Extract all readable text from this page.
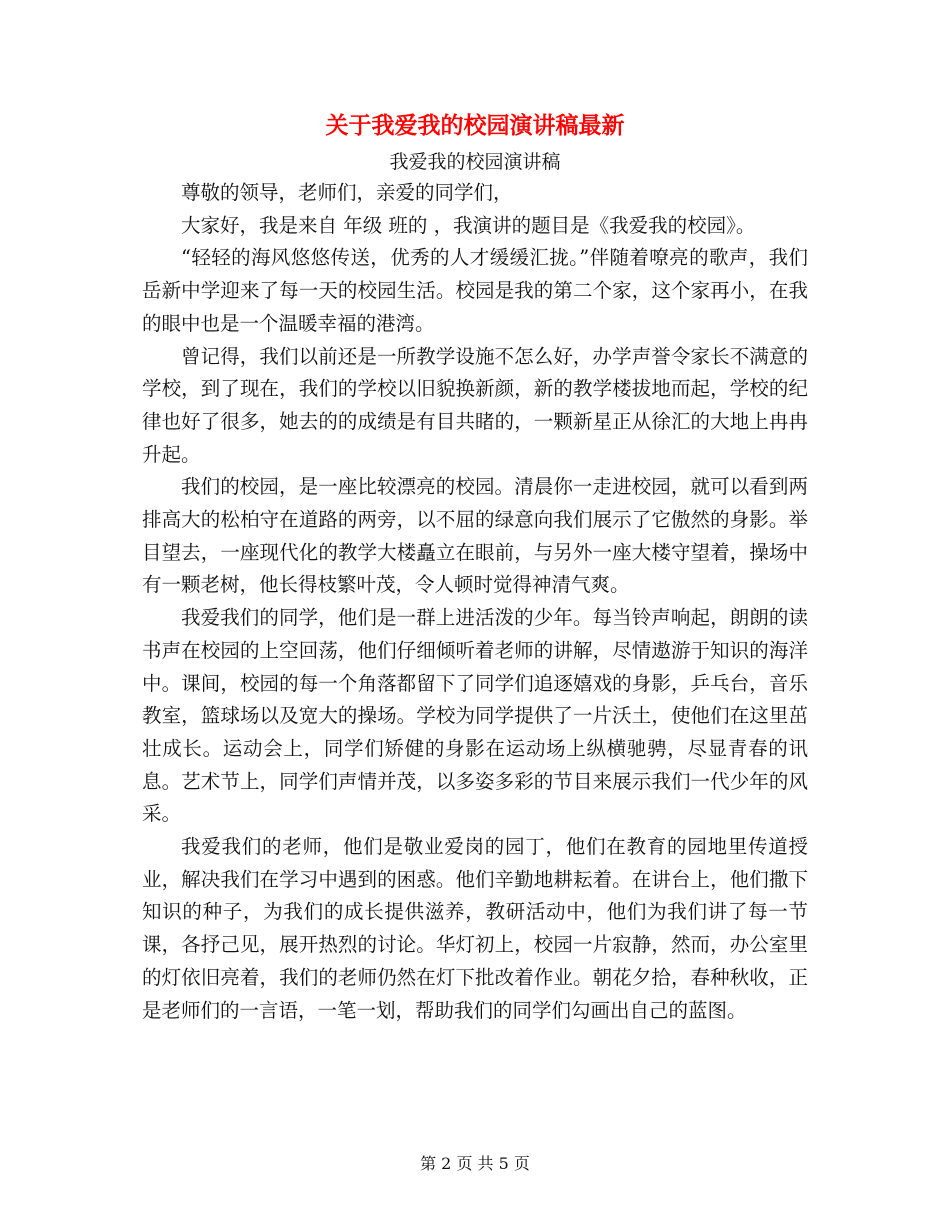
关于我爱我的校园演讲稿最新
我爱我的校园演讲稿

尊敬的领导，老师们，亲爱的同学们，

大家好，我是来自 年级 班的 ，我演讲的题目是《我爱我的校园》。

“轻轻的海风悠悠传送，优秀的人才缓缓汇拢。”伴随着嘹亮的歌声，我们岳新中学迎来了每一天的校园生活。校园是我的第二个家，这个家再小，在我的眼中也是一个温暖幸福的港湾。

曾记得，我们以前还是一所教学设施不怎么好，办学声誉令家长不满意的学校，到了现在，我们的学校以旧貌换新颜，新的教学楼拔地而起，学校的纪律也好了很多，她去的的成绩是有目共睹的，一颗新星正从徐汇的大地上冉冉升起。

我们的校园，是一座比较漂亮的校园。清晨你一走进校园，就可以看到两排高大的松柏守在道路的两旁，以不屈的绿意向我们展示了它傲然的身影。举目望去，一座现代化的教学大楼矗立在眼前，与另外一座大楼守望着，操场中有一颗老树，他长得枝繁叶茂，令人顿时觉得神清气爽。

我爱我们的同学，他们是一群上进活泼的少年。每当铃声响起，朗朗的读书声在校园的上空回荡，他们仔细倾听着老师的讲解，尽情遨游于知识的海洋中。课间，校园的每一个角落都留下了同学们追逐嬉戏的身影，乒乓台，音乐教室，篮球场以及宽大的操场。学校为同学提供了一片沃土，使他们在这里茁壮成长。运动会上，同学们矫健的身影在运动场上纵横驰骋，尽显青春的讯息。艺术节上，同学们声情并茂，以多姿多彩的节目来展示我们一代少年的风采。

我爱我们的老师，他们是敬业爱岗的园丁，他们在教育的园地里传道授业，解决我们在学习中遇到的困惑。他们辛勤地耕耘着。在讲台上，他们撒下知识的种子，为我们的成长提供滋养，教研活动中，他们为我们讲了每一节课，各抒己见，展开热烈的讨论。华灯初上，校园一片寂静，然而，办公室里的灯依旧亮着，我们的老师仍然在灯下批改着作业。朝花夕拾，春种秋收，正是老师们的一言语，一笔一划，帮助我们的同学们勾画出自己的蓝图。

第 2 页 共 5 页
